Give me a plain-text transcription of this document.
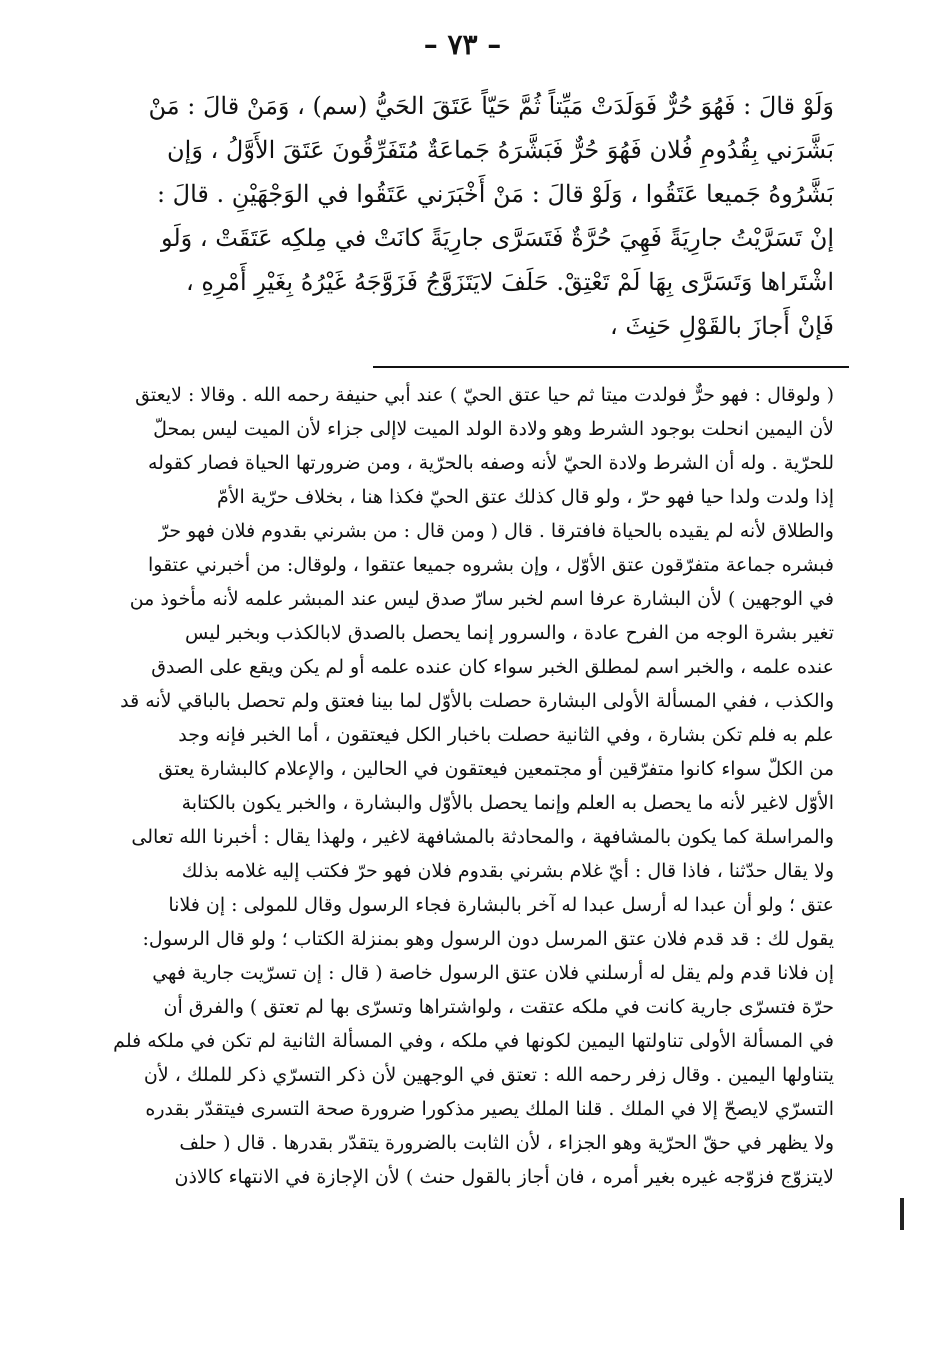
– ٧٣ –
وَلَوْ قالَ : فَهُوَ حُرٌّ فَوَلَدَتْ مَيِّتاً ثُمَّ حَيّاً عَتَقَ الحَيُّ (سم) ، وَمَنْ قالَ : مَنْ
بَشَّرَني بِقُدُومِ فُلان فَهُوَ حُرٌّ فَبَشَّرَهُ جَماعَةٌ مُتَفَرِّقُونَ عَتَقَ الأَوَّلُ ، وَإن
بَشَّرُوهُ جَميعا عَتَقُوا ، وَلَوْ قالَ : مَنْ أَخْبَرَني عَتَقُوا في الوَجْهَيْنِ . قالَ :
إنْ تَسَرَّيْتُ جارِيَةً فَهِيَ حُرَّةٌ فَتَسَرَّى جارِيَةً كانَتْ في مِلكِه عَتَقَتْ ، وَلَو
اشْتَراها وَتَسَرَّى بِهَا لَمْ تَعْتِقْ. حَلَفَ لايَتَزَوَّجُ فَزَوَّجَهُ غَيْرُهُ بِغَيْرِ أَمْرِهِ ،
فَإنْ أَجازَ بالقَوْلِ حَنِثَ ،
( ولوقال : فهو حرٌّ فولدت ميتا ثم حيا عتق الحيّ ) عند أبي حنيفة رحمه الله . وقالا : لايعتق
لأن اليمين انحلت بوجود الشرط وهو ولادة الولد الميت لاإلى جزاء لأن الميت ليس بمحلّ
للحرّية . وله أن الشرط ولادة الحيّ لأنه وصفه بالحرّية ، ومن ضرورتها الحياة فصار كقوله
إذا ولدت ولدا حيا فهو حرّ ، ولو قال كذلك عتق الحيّ فكذا هنا ، بخلاف حرّية الأمّ
والطلاق لأنه لم يقيده بالحياة فافترقا . قال ( ومن قال : من بشرني بقدوم فلان فهو حرّ
فبشره جماعة متفرّقون عتق الأوّل ، وإن بشروه جميعا عتقوا ، ولوقال: من أخبرني عتقوا
في الوجهين ) لأن البشارة عرفا اسم لخبر سارّ صدق ليس عند المبشر علمه لأنه مأخوذ من
تغير بشرة الوجه من الفرح عادة ، والسرور إنما يحصل بالصدق لابالكذب وبخبر ليس
عنده علمه ، والخبر اسم لمطلق الخبر سواء كان عنده علمه أو لم يكن ويقع على الصدق
والكذب ، ففي المسألة الأولى البشارة حصلت بالأوّل لما بينا فعتق ولم تحصل بالباقي لأنه قد
علم به فلم تكن بشارة ، وفي الثانية حصلت باخبار الكل فيعتقون ، أما الخبر فإنه وجد
من الكلّ سواء كانوا متفرّقين أو مجتمعين فيعتقون في الحالين ، والإعلام كالبشارة يعتق
الأوّل لاغير لأنه ما يحصل به العلم وإنما يحصل بالأوّل والبشارة ، والخبر يكون بالكتابة
والمراسلة كما يكون بالمشافهة ، والمحادثة بالمشافهة لاغير ، ولهذا يقال : أخبرنا الله تعالى
ولا يقال حدّثنا ، فاذا قال : أيّ غلام بشرني بقدوم فلان فهو حرّ فكتب إليه غلامه بذلك
عتق ؛ ولو أن عبدا له أرسل عبدا له آخر بالبشارة فجاء الرسول وقال للمولى : إن فلانا
يقول لك : قد قدم فلان عتق المرسل دون الرسول وهو بمنزلة الكتاب ؛ ولو قال الرسول:
إن فلانا قدم ولم يقل له أرسلني فلان عتق الرسول خاصة ( قال : إن تسرّيت جارية فهي
حرّة فتسرّى جارية كانت في ملكه عتقت ، ولواشتراها وتسرّى بها لم تعتق ) والفرق أن
في المسألة الأولى تناولتها اليمين لكونها في ملكه ، وفي المسألة الثانية لم تكن في ملكه فلم
يتناولها اليمين . وقال زفر رحمه الله : تعتق في الوجهين لأن ذكر التسرّي ذكر للملك ، لأن
التسرّي لايصحّ إلا في الملك . قلنا الملك يصير مذكورا ضرورة صحة التسرى فيتقدّر بقدره
ولا يظهر في حقّ الحرّية وهو الجزاء ، لأن الثابت بالضرورة يتقدّر بقدرها . قال ( حلف
لايتزوّج فزوّجه غيره بغير أمره ، فان أجاز بالقول حنث ) لأن الإجازة في الانتهاء كالاذن
